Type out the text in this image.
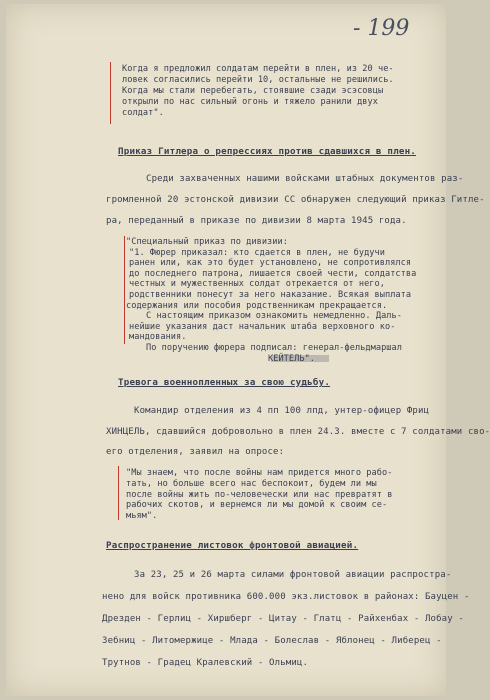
- 199
Когда я предложил солдатам перейти в плен, из 20 че-
ловек согласились перейти 10, остальные не решились.
Когда мы стали перебегать, стоявшие сзади эсэсовцы
открыли по нас сильный огонь и тяжело ранили двух
солдат".
Приказ Гитлера о репрессиях против сдавшихся в плен.
Среди захваченных нашими войсками штабных документов раз-
громленной 20 эстонской дивизии СС обнаружен следующий приказ Гитле-
ра, переданный в приказе по дивизии 8 марта 1945 года.
"Специальный приказ по дивизии:
"1. Фюрер приказал: кто сдается в плен, не будучи
ранен или, как это будет установлено, не сопротивлялся
до последнего патрона, лишается своей чести, солдатства
честных и мужественных солдат отрекается от него,
родственники понесут за него наказание. Всякая выплата
содержания или пособия родственникам прекращается.
С настоящим приказом ознакомить немедленно. Даль-
нейшие указания даст начальник штаба верховного ко-
мандования.
По поручению фюрера подписал: генерал-фельдмаршал
КЕЙТЕЛЬ".
Тревога военнопленных за свою судьбу.
Командир отделения из 4 пп 100 лпд, унтер-офицер Фриц
ХИНЦЕЛЬ, сдавшийся добровольно в плен 24.3. вместе с 7 солдатами сво-
его отделения, заявил на опросе:
"Мы знаем, что после войны нам придется много рабо-
тать, но больше всего нас беспокоит, будем ли мы
после войны жить по-человечески или нас превратят в
рабочих скотов, и вернемся ли мы домой к своим се-
мьям".
Распространение листовок фронтовой авиацией.
За 23, 25 и 26 марта силами фронтовой авиации распростра-
нено для войск противника 600.000 экз.листовок в районах: Бауцен -
Дрезден - Герлиц - Хиршберг - Цитау - Глатц - Райхенбах - Лобау -
Зебниц - Литомержице - Млада - Болеслав - Яблонец - Либерец -
Трутнов - Градец Кралевский - Ольмиц.
